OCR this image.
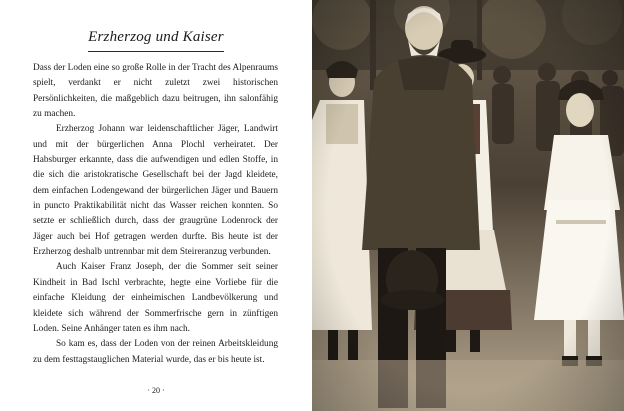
Erzherzog und Kaiser

Dass der Loden eine so große Rolle in der Tracht des Alpenraums spielt, verdankt er nicht zuletzt zwei historischen Persönlichkeiten, die maßgeblich dazu beitrugen, ihn salonfähig zu machen.

Erzherzog Johann war leidenschaftlicher Jäger, Landwirt und mit der bürgerlichen Anna Plochl verheiratet. Der Habsburger erkannte, dass die aufwendigen und edlen Stoffe, in die sich die aristokratische Gesellschaft bei der Jagd kleidete, dem einfachen Lodengewand der bürgerlichen Jäger und Bauern in puncto Praktikabilität nicht das Wasser reichen konnten. So setzte er schließlich durch, dass der graugrüne Lodenrock der Jäger auch bei Hof getragen werden durfte. Bis heute ist der Erzherzog deshalb untrennbar mit dem Steireranzug verbunden.

Auch Kaiser Franz Joseph, der die Sommer seit seiner Kindheit in Bad Ischl verbrachte, hegte eine Vorliebe für die einfache Kleidung der einheimischen Landbevölkerung und kleidete sich während der Sommerfrische gern in zünftigen Loden. Seine Anhänger taten es ihm nach.

So kam es, dass der Loden von der reinen Arbeitskleidung zu dem festtagstauglichen Material wurde, das er bis heute ist.

· 20 ·
